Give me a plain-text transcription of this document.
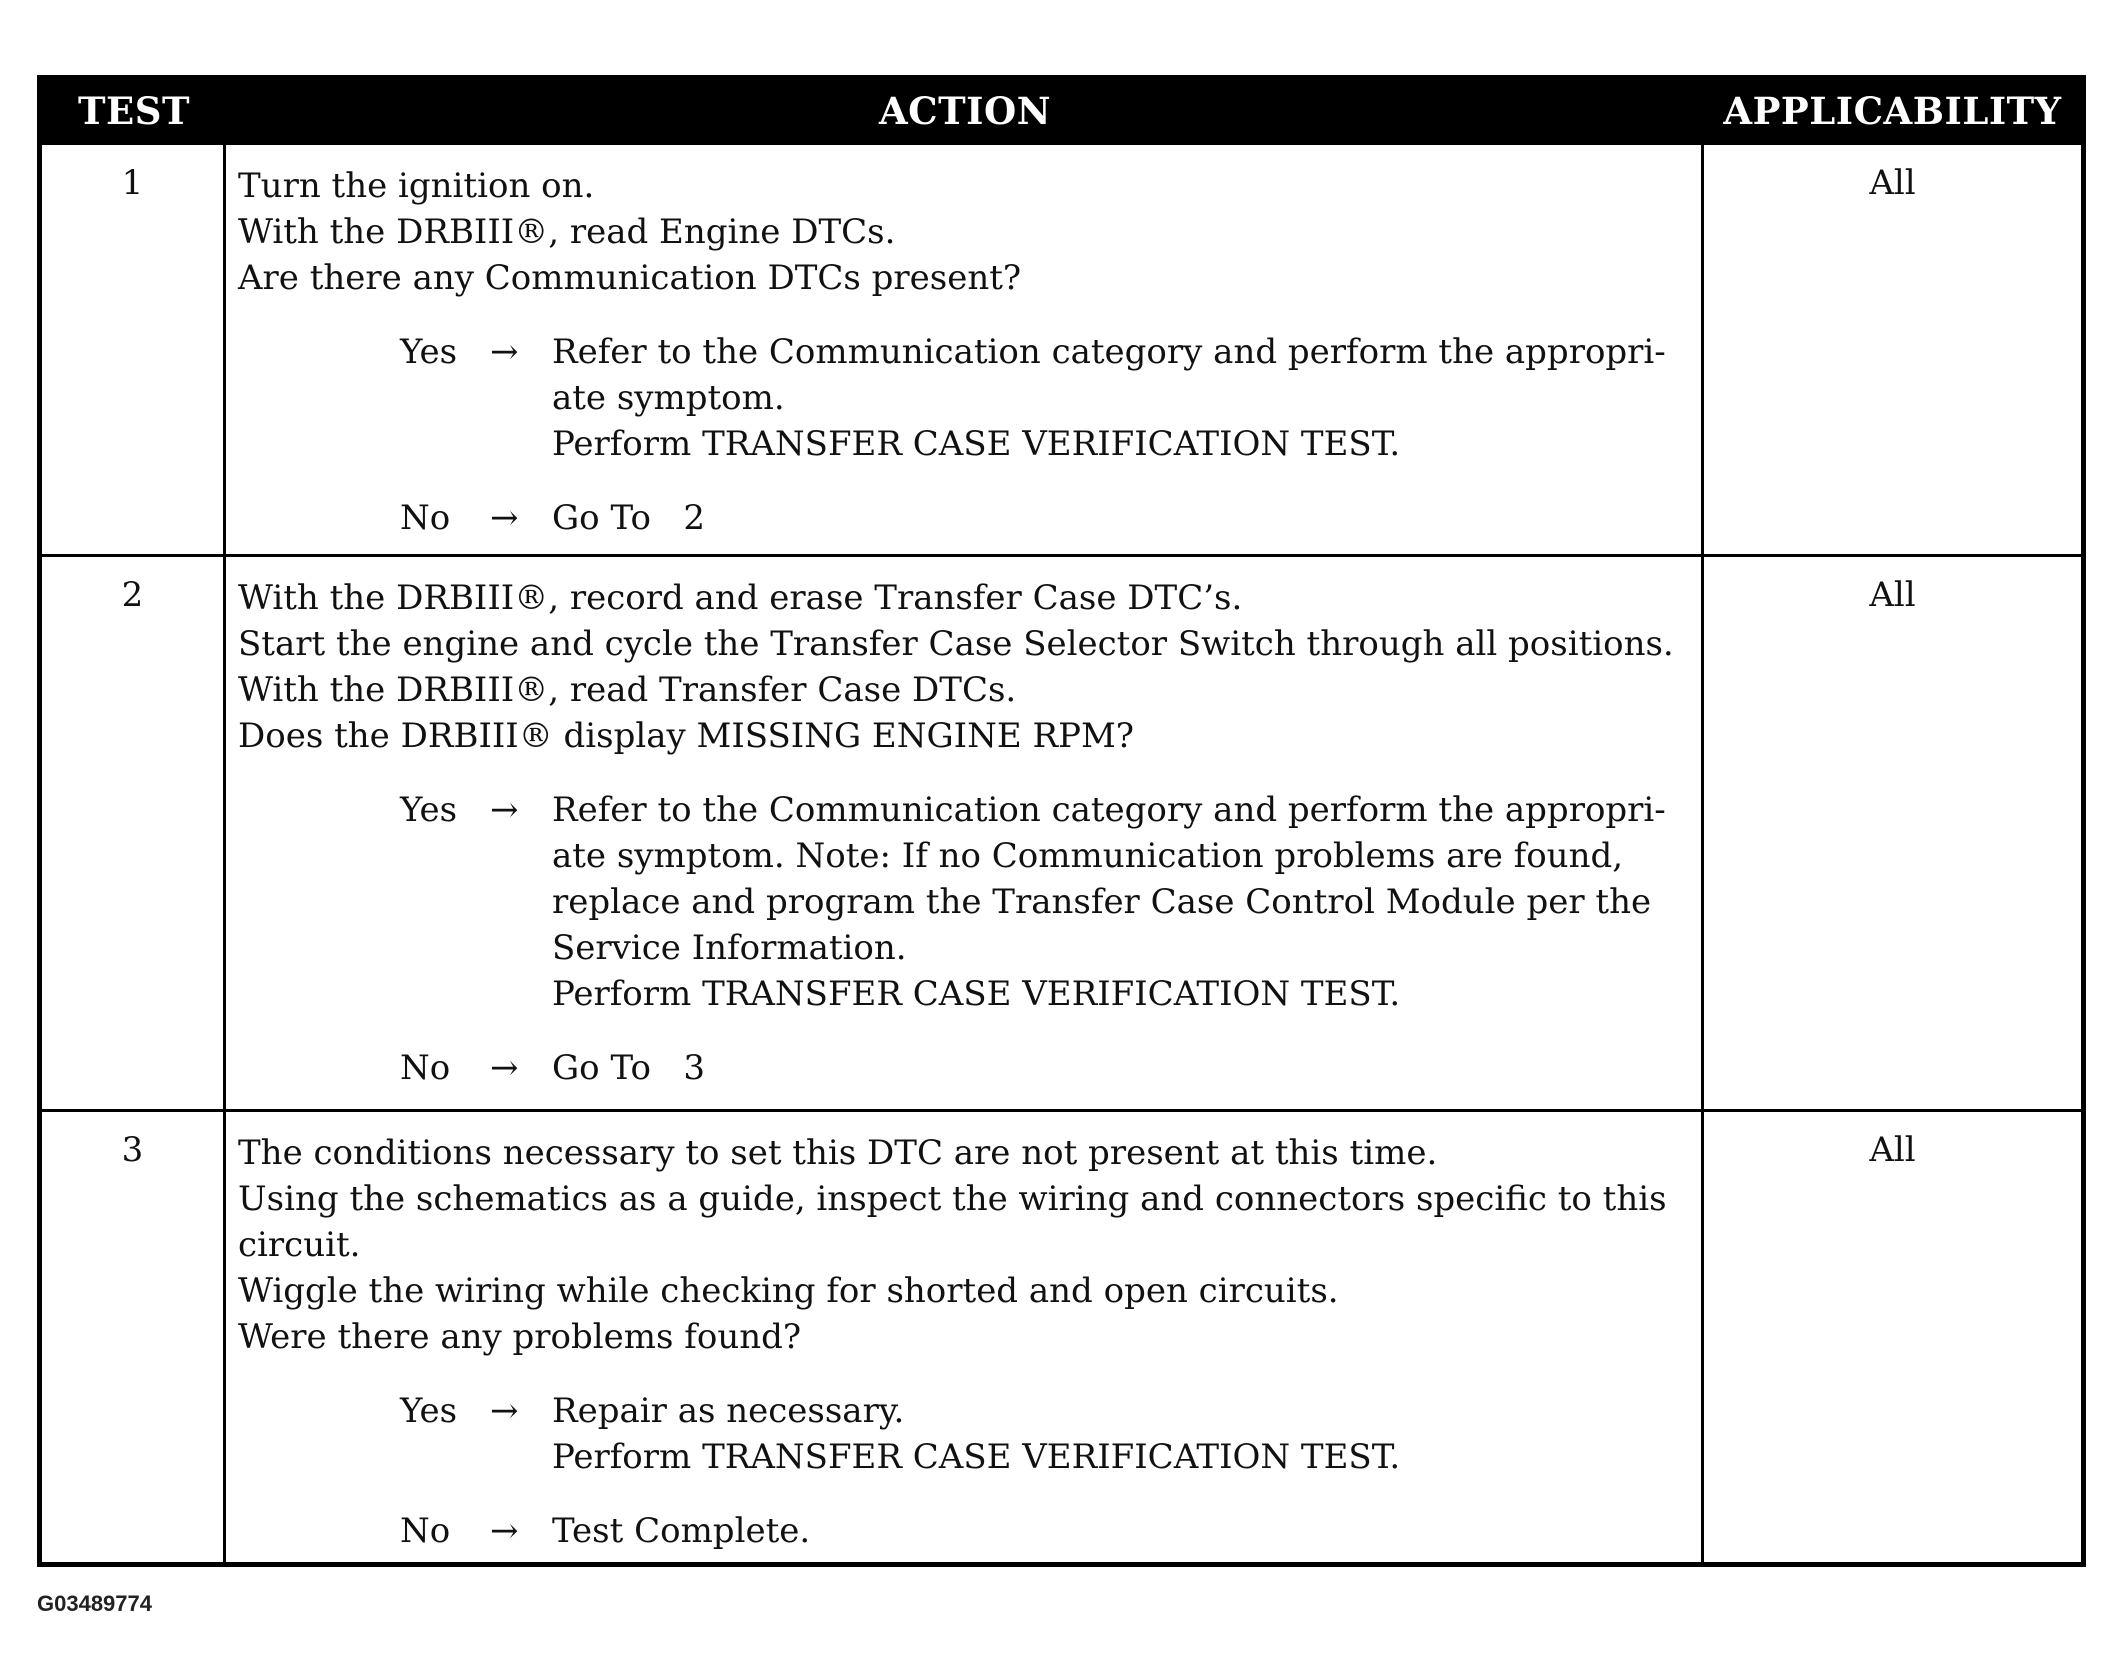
TEST	ACTION	APPLICABILITY
1	Turn the ignition on.
With the DRBIII®, read Engine DTCs.
Are there any Communication DTCs present?
Yes → Refer to the Communication category and perform the appropri-
ate symptom.
Perform TRANSFER CASE VERIFICATION TEST.
No	→ Go To   2
All
2	With the DRBIII®, record and erase Transfer Case DTC’s.
Start the engine and cycle the Transfer Case Selector Switch through all positions.
With the DRBIII®, read Transfer Case DTCs.
Does the DRBIII® display MISSING ENGINE RPM?
Yes → Refer to the Communication category and perform the appropri-
ate symptom. Note: If no Communication problems are found,
replace and program the Transfer Case Control Module per the
Service Information.
Perform TRANSFER CASE VERIFICATION TEST.
No	→ Go To   3
All
3	The conditions necessary to set this DTC are not present at this time.
Using the schematics as a guide, inspect the wiring and connectors specific to this
circuit.
Wiggle the wiring while checking for shorted and open circuits.
Were there any problems found?
Yes → Repair as necessary.
Perform TRANSFER CASE VERIFICATION TEST.
No	→ Test Complete.
All
G03489774
